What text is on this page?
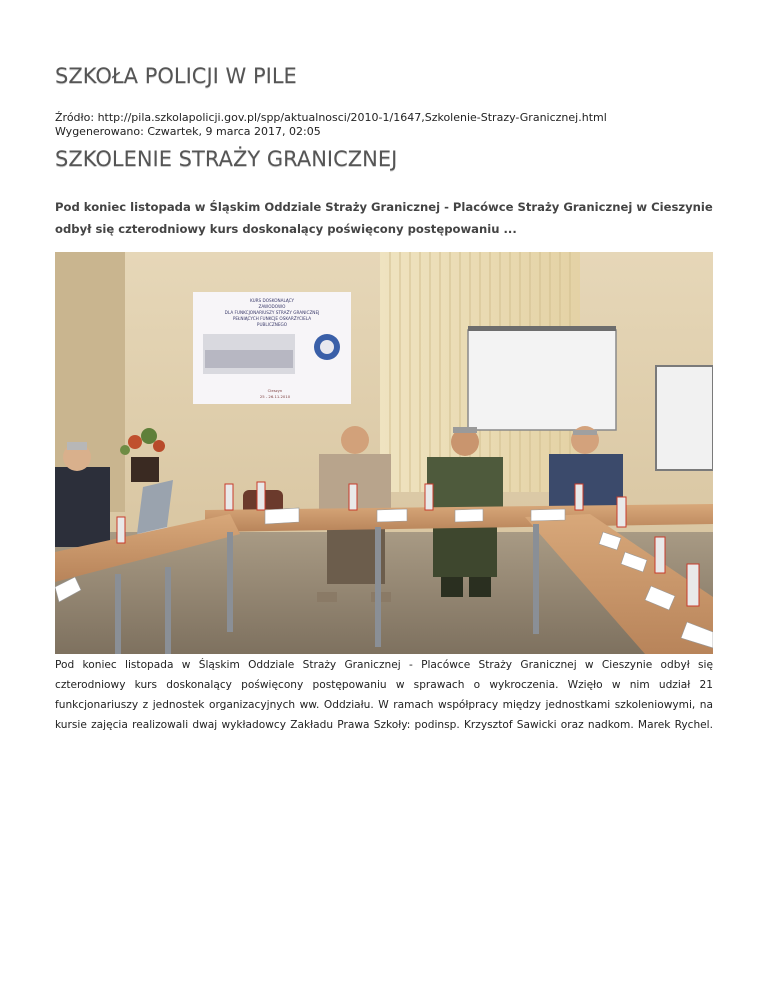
SZKOŁA POLICJI W PILE
Źródło: http://pila.szkolapolicji.gov.pl/spp/aktualnosci/2010-1/1647,Szkolenie-Strazy-Granicznej.html
Wygenerowano: Czwartek, 9 marca 2017, 02:05
SZKOLENIE STRAŻY GRANICZNEJ
Pod koniec listopada w Śląskim Oddziale Straży Granicznej - Placówce Straży Granicznej w Cieszynie odbył się czterodniowy kurs doskonalący poświęcony postępowaniu ...
KURS DOSKONALĄCY
ZAWODOWO
DLA FUNKCJONARIUSZY STRAŻY GRANICZNEJ
PEŁNIĄCYCH FUNKCJE OSKARŻYCIELA
PUBLICZNEGO
Cieszyn
25 - 26.11.2010
Pod koniec listopada w Śląskim Oddziale Straży Granicznej - Placówce Straży Granicznej w Cieszynie odbył się czterodniowy kurs doskonalący poświęcony postępowaniu w sprawach o wykroczenia. Wzięło w nim udział 21 funkcjonariuszy z jednostek organizacyjnych ww. Oddziału. W ramach współpracy między jednostkami szkoleniowymi, na kursie zajęcia realizowali dwaj wykładowcy Zakładu Prawa Szkoły: podinsp. Krzysztof Sawicki oraz nadkom. Marek Rychel.
